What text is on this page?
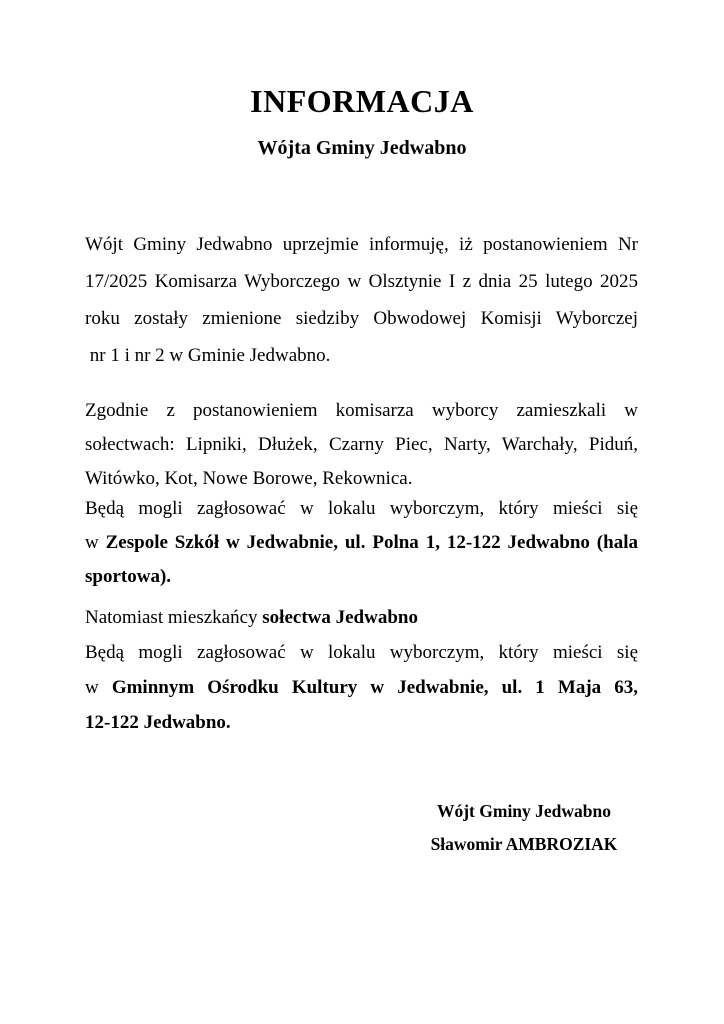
INFORMACJA
Wójta Gminy Jedwabno
Wójt Gminy Jedwabno uprzejmie informuję, iż postanowieniem Nr
17/2025 Komisarza Wyborczego w Olsztynie I z dnia 25 lutego 2025
roku zostały zmienione siedziby Obwodowej Komisji Wyborczej
nr 1 i nr 2 w Gminie Jedwabno.
Zgodnie z postanowieniem komisarza wyborcy zamieszkali w
sołectwach: Lipniki, Dłużek, Czarny Piec, Narty, Warchały, Piduń,
Witówko, Kot, Nowe Borowe, Rekownica.
Będą mogli zagłosować w lokalu wyborczym, który mieści się
w Zespole Szkół w Jedwabnie, ul. Polna 1, 12-122 Jedwabno (hala
sportowa).
Natomiast mieszkańcy sołectwa Jedwabno
Będą mogli zagłosować w lokalu wyborczym, który mieści się
w Gminnym Ośrodku Kultury w Jedwabnie, ul. 1 Maja 63,
12-122 Jedwabno.
Wójt Gminy Jedwabno
Sławomir AMBROZIAK
